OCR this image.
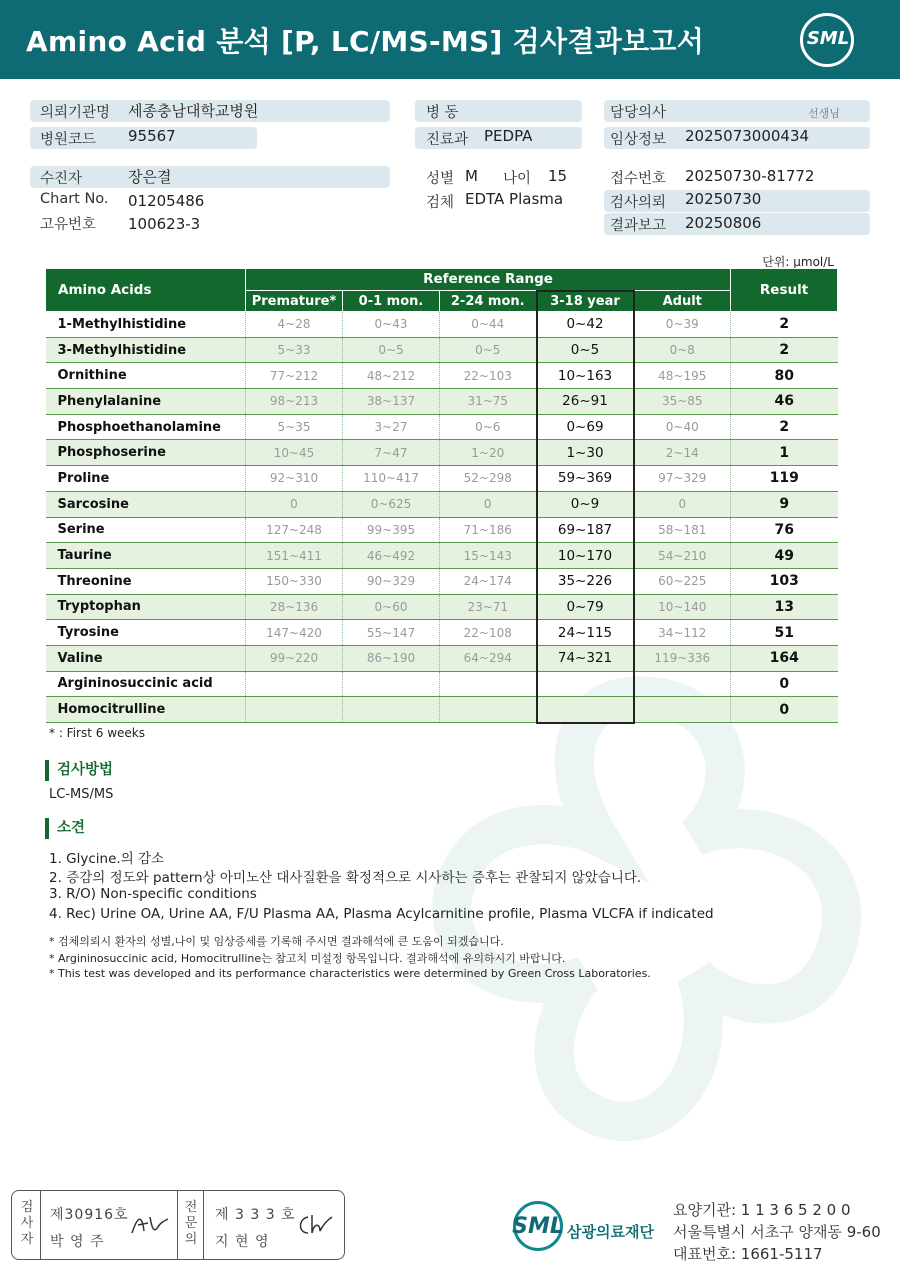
Amino Acid 분석 [P, LC/MS-MS] 검사결과보고서	SML
의뢰기관명 세종충남대학교병원
병원코드 95567
병 동
진료과 PEDPA
담당의사	선생님
임상정보 2025073000434
수진자	장은결
Chart No. 01205486
고유번호 100623-3
성별 M 나이 15
검체 EDTA Plasma
접수번호 20250730-81772
검사의뢰 20250730
결과보고 20250806
단위: µmol/L
Amino Acids	Reference Range					Result
	Premature*	0-1 mon.	2-24 mon.	3-18 year	Adult	
1-Methylhistidine	4~28	0~43	0~44	0~42	0~39	2
3-Methylhistidine	5~33	0~5	0~5	0~5	0~8	2
Ornithine	77~212	48~212	22~103	10~163	48~195	80
Phenylalanine	98~213	38~137	31~75	26~91	35~85	46
Phosphoethanolamine	5~35	3~27	0~6	0~69	0~40	2
Phosphoserine	10~45	7~47	1~20	1~30	2~14	1
Proline	92~310	110~417	52~298	59~369	97~329	119
Sarcosine	0	0~625	0	0~9	0	9
Serine	127~248	99~395	71~186	69~187	58~181	76
Taurine	151~411	46~492	15~143	10~170	54~210	49
Threonine	150~330	90~329	24~174	35~226	60~225	103
Tryptophan	28~136	0~60	23~71	0~79	10~140	13
Tyrosine	147~420	55~147	22~108	24~115	34~112	51
Valine	99~220	86~190	64~294	74~321	119~336	164
Argininosuccinic acid						0
Homocitrulline						0
* : First 6 weeks
검사방법
LC-MS/MS
소견
1. Glycine.의 감소
2. 증감의 정도와 pattern상 아미노산 대사질환을 확정적으로 시사하는 증후는 관찰되지 않았습니다.
3. R/O) Non-specific conditions
4. Rec) Urine OA, Urine AA, F/U Plasma AA, Plasma Acylcarnitine profile, Plasma VLCFA if indicated
* 검체의뢰시 환자의 성별,나이 및 임상증세를 기록해 주시면 결과해석에 큰 도움이 되겠습니다.
* Argininosuccinic acid, Homocitrulline는 참고치 미설정 항목입니다. 결과해석에 유의하시기 바랍니다.
* This test was developed and its performance characteristics were determined by Green Cross Laboratories.
검
사
자
제30916호
박 영 주
전
문
의
제 3 3 3 호
지 현 영
SML 삼광의료재단
요양기관: 1 1 3 6 5 2 0 0
서울특별시 서초구 양재동 9-60
대표번호: 1661-5117
